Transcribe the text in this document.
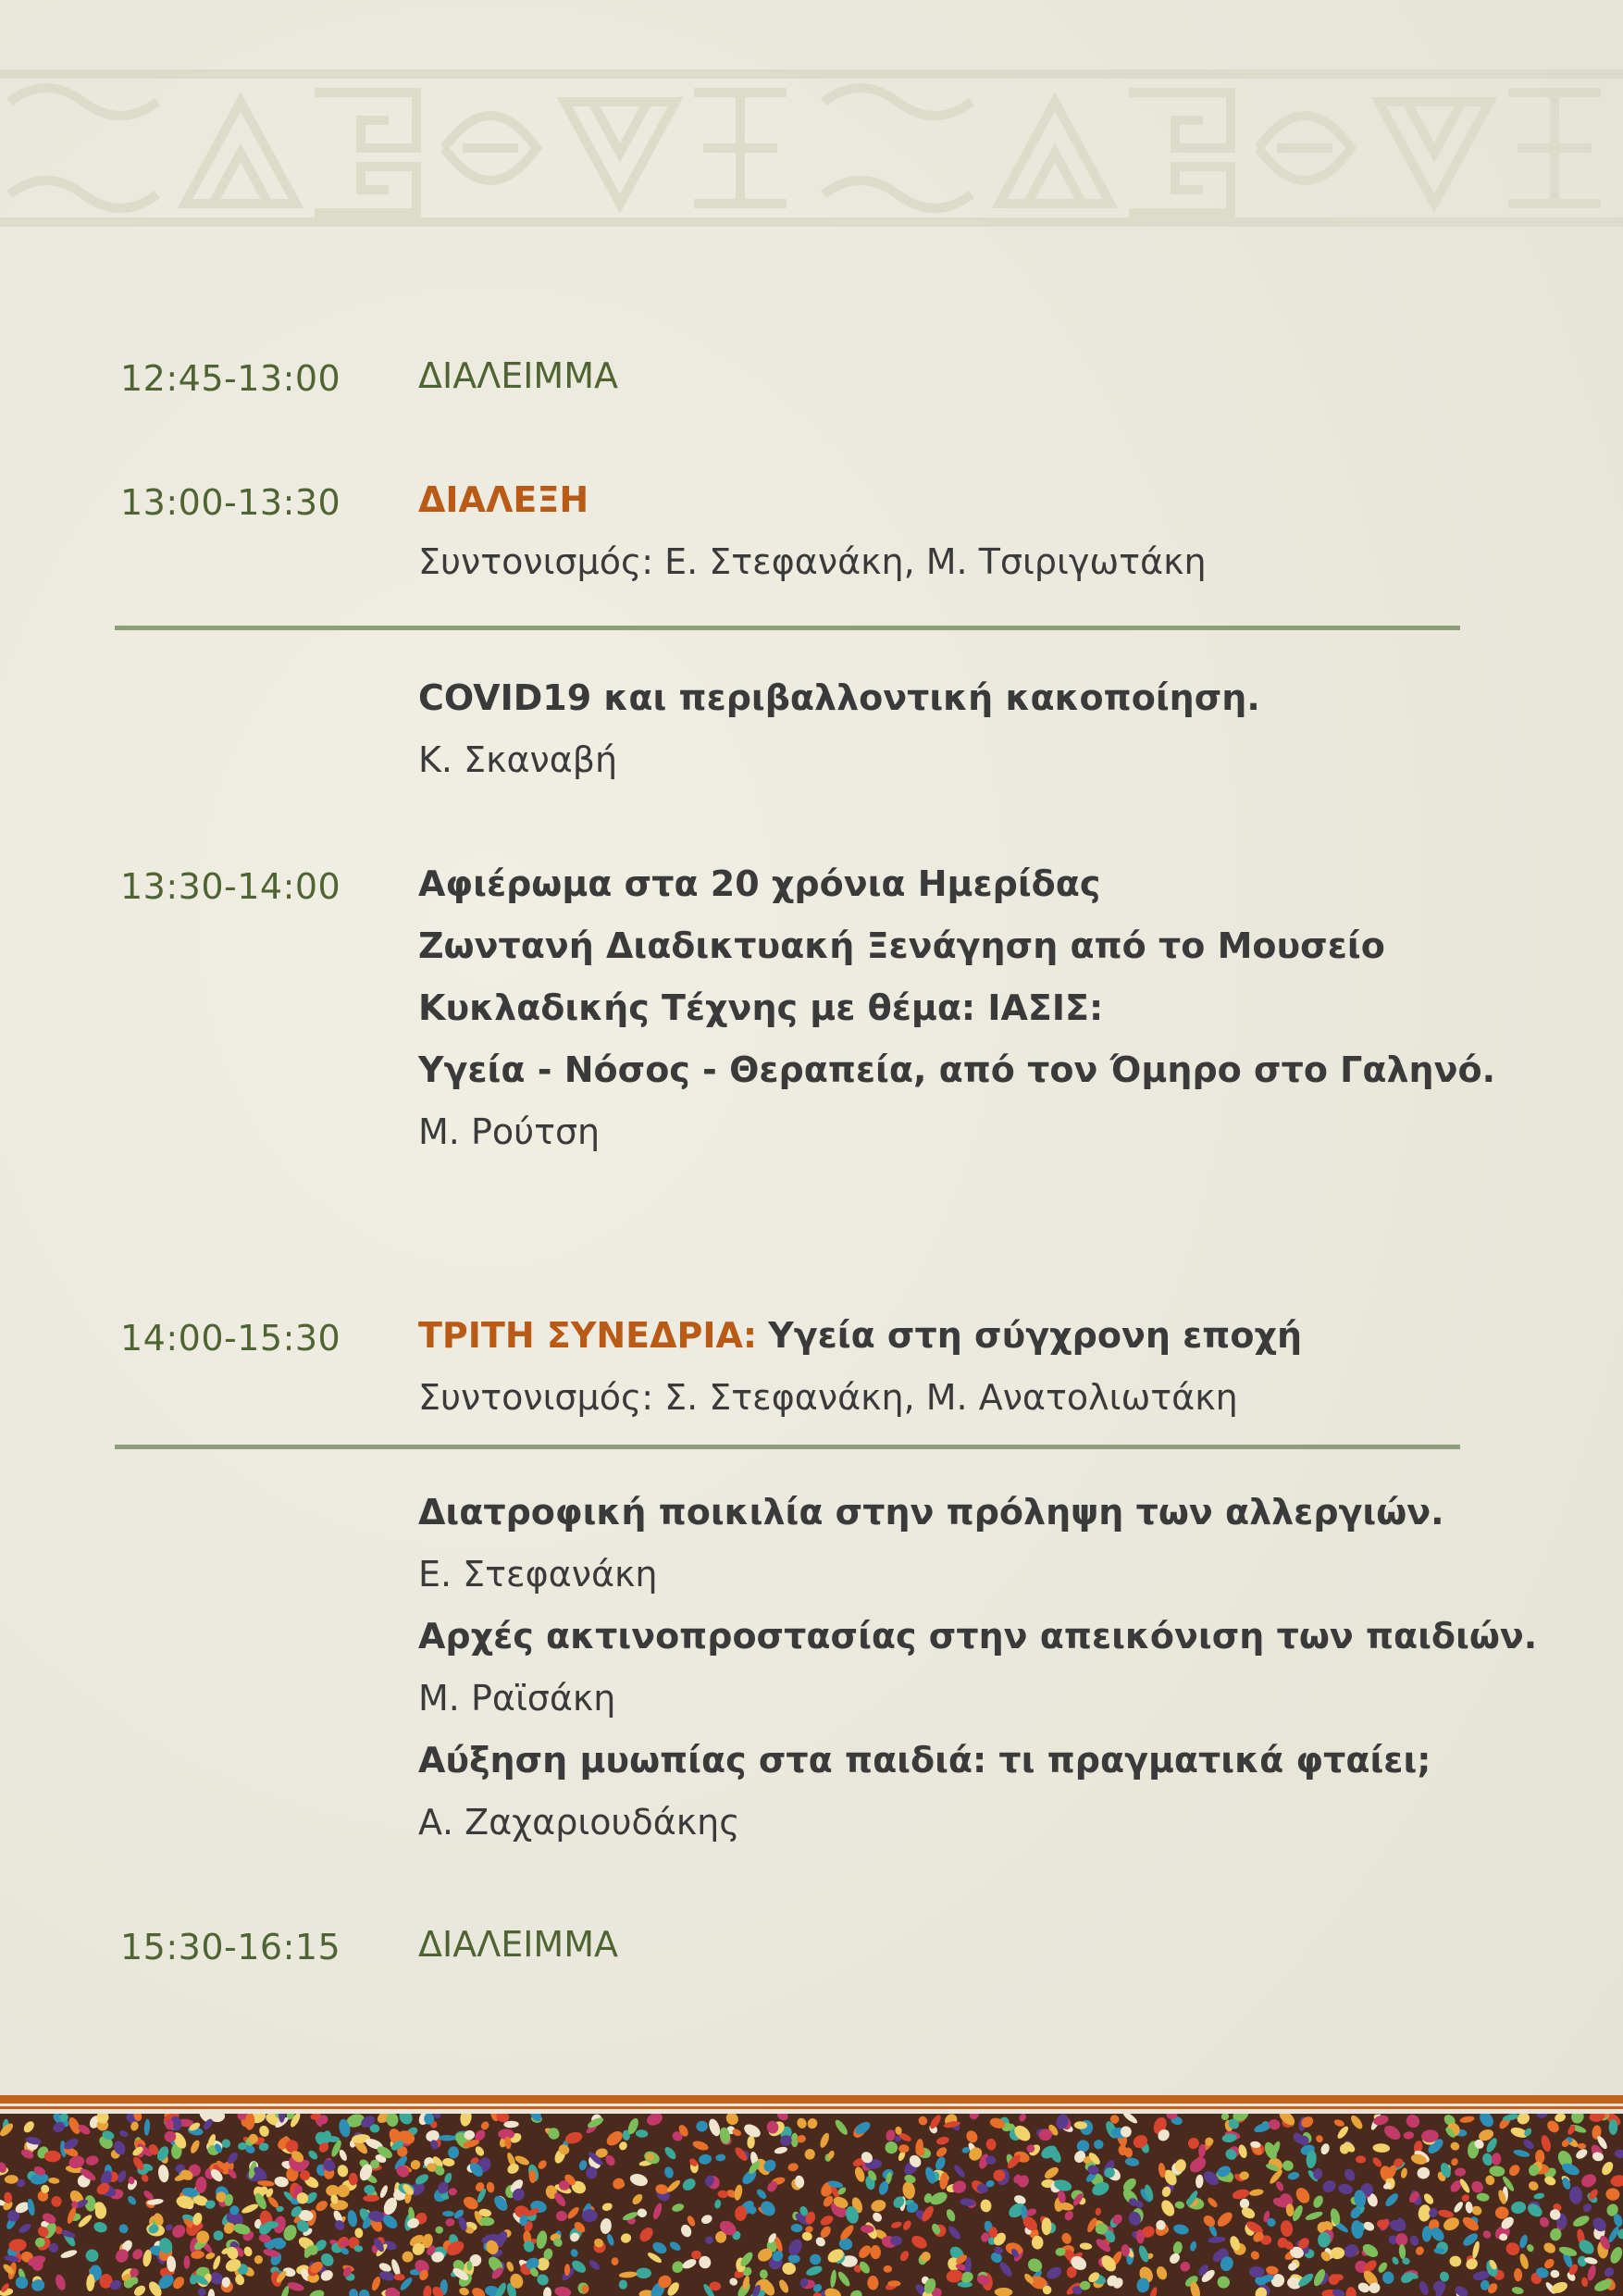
12:45-13:00 ΔΙΑΛΕΙΜΜΑ
13:00-13:30 ΔΙΑΛΕΞΗ
Συντονισμός: Ε. Στεφανάκη, Μ. Τσιριγωτάκη
COVID19 και περιβαλλοντική κακοποίηση.
Κ. Σκαναβή
13:30-14:00 Αφιέρωμα στα 20 χρόνια Ημερίδας
Ζωντανή Διαδικτυακή Ξενάγηση από το Μουσείο
Κυκλαδικής Τέχνης με θέμα: ΙΑΣΙΣ:
Υγεία - Νόσος - Θεραπεία, από τον Όμηρο στο Γαληνό.
Μ. Ρούτση
14:00-15:30 ΤΡΙΤΗ ΣΥΝΕΔΡΙΑ: Υγεία στη σύγχρονη εποχή
Συντονισμός: Σ. Στεφανάκη, Μ. Ανατολιωτάκη
Διατροφική ποικιλία στην πρόληψη των αλλεργιών.
Ε. Στεφανάκη
Αρχές ακτινοπροστασίας στην απεικόνιση των παιδιών.
Μ. Ραϊσάκη
Αύξηση μυωπίας στα παιδιά: τι πραγματικά φταίει;
Α. Ζαχαριουδάκης
15:30-16:15 ΔΙΑΛΕΙΜΜΑ
